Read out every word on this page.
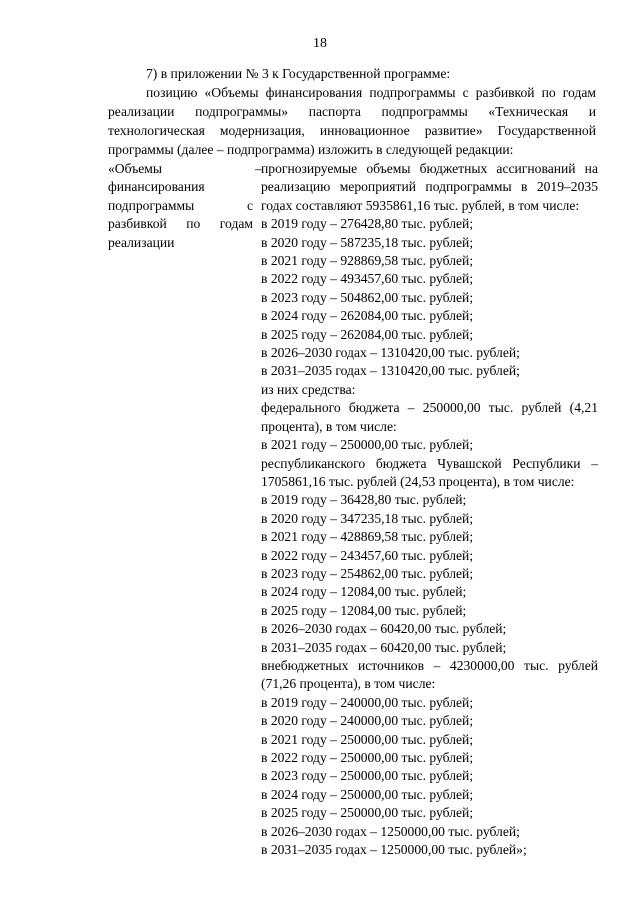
18

7) в приложении № 3 к Государственной программе:

позицию «Объемы финансирования подпрограммы с разбивкой по годам реализации подпрограммы» паспорта подпрограммы «Техническая и технологическая модернизация, инновационное развитие» Государственной программы (далее – подпрограмма) изложить в следующей редакции:

«Объемы финансирования подпрограммы с разбивкой по годам реализации

прогнозируемые объемы бюджетных ассигнований на реализацию мероприятий подпрограммы в 2019–2035 годах составляют 5935861,16 тыс. рублей, в том числе:

в 2019 году – 276428,80 тыс. рублей;

в 2020 году – 587235,18 тыс. рублей;

в 2021 году – 928869,58 тыс. рублей;

в 2022 году – 493457,60 тыс. рублей;

в 2023 году – 504862,00 тыс. рублей;

в 2024 году – 262084,00 тыс. рублей;

в 2025 году – 262084,00 тыс. рублей;

в 2026–2030 годах – 1310420,00 тыс. рублей;

в 2031–2035 годах – 1310420,00 тыс. рублей;

из них средства:

федерального бюджета – 250000,00 тыс. рублей (4,21 процента), в том числе:

в 2021 году – 250000,00 тыс. рублей;

республиканского бюджета Чувашской Республики – 1705861,16 тыс. рублей (24,53 процента), в том числе:

в 2019 году – 36428,80 тыс. рублей;

в 2020 году – 347235,18 тыс. рублей;

в 2021 году – 428869,58 тыс. рублей;

в 2022 году – 243457,60 тыс. рублей;

в 2023 году – 254862,00 тыс. рублей;

в 2024 году – 12084,00 тыс. рублей;

в 2025 году – 12084,00 тыс. рублей;

в 2026–2030 годах – 60420,00 тыс. рублей;

в 2031–2035 годах – 60420,00 тыс. рублей;

внебюджетных источников – 4230000,00 тыс. рублей (71,26 процента), в том числе:

в 2019 году – 240000,00 тыс. рублей;

в 2020 году – 240000,00 тыс. рублей;

в 2021 году – 250000,00 тыс. рублей;

в 2022 году – 250000,00 тыс. рублей;

в 2023 году – 250000,00 тыс. рублей;

в 2024 году – 250000,00 тыс. рублей;

в 2025 году – 250000,00 тыс. рублей;

в 2026–2030 годах – 1250000,00 тыс. рублей;

в 2031–2035 годах – 1250000,00 тыс. рублей»;

–
